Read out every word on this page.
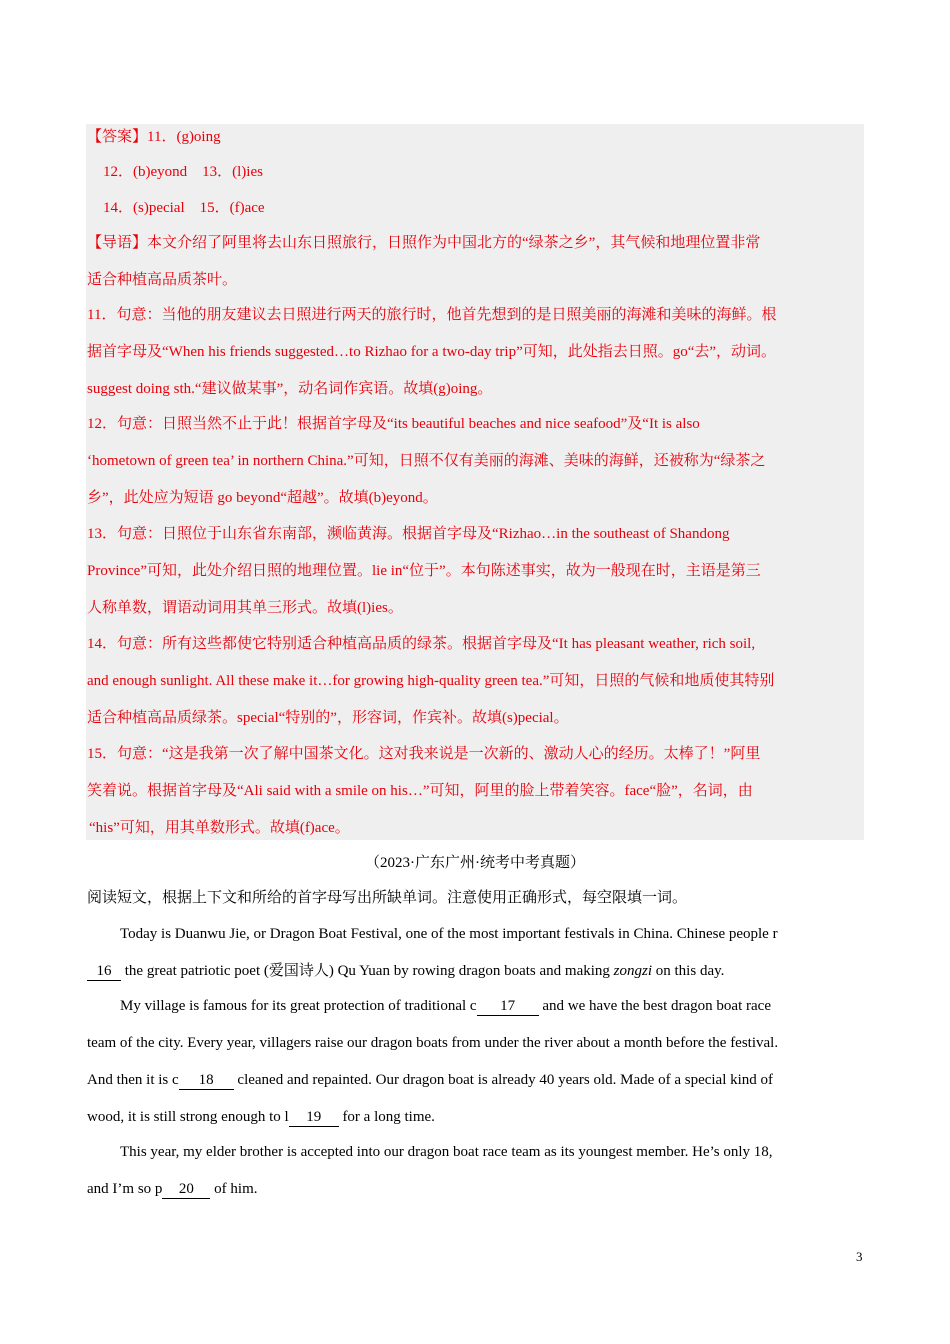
【答案】11．(g)oing
12．(b)eyond　13．(l)ies
14．(s)pecial　15．(f)ace
【导语】本文介绍了阿里将去山东日照旅行，日照作为中国北方的“绿茶之乡”，其气候和地理位置非常
适合种植高品质茶叶。
11．句意：当他的朋友建议去日照进行两天的旅行时，他首先想到的是日照美丽的海滩和美味的海鲜。根
据首字母及“When his friends suggested…to Rizhao for a two-day trip”可知，此处指去日照。go“去”，动词。
suggest doing sth.“建议做某事”，动名词作宾语。故填(g)oing。
12．句意：日照当然不止于此！根据首字母及“its beautiful beaches and nice seafood”及“It is also
‘hometown of green tea’ in northern China.”可知，日照不仅有美丽的海滩、美味的海鲜，还被称为“绿茶之
乡”，此处应为短语 go beyond“超越”。故填(b)eyond。
13．句意：日照位于山东省东南部，濒临黄海。根据首字母及“Rizhao…in the southeast of Shandong
Province”可知，此处介绍日照的地理位置。lie in“位于”。本句陈述事实，故为一般现在时，主语是第三
人称单数，谓语动词用其单三形式。故填(l)ies。
14．句意：所有这些都使它特别适合种植高品质的绿茶。根据首字母及“It has pleasant weather, rich soil,
and enough sunlight. All these make it…for growing high-quality green tea.”可知，日照的气候和地质使其特别
适合种植高品质绿茶。special“特别的”，形容词，作宾补。故填(s)pecial。
15．句意：“这是我第一次了解中国茶文化。这对我来说是一次新的、激动人心的经历。太棒了！”阿里
笑着说。根据首字母及“Ali said with a smile on his…”可知，阿里的脸上带着笑容。face“脸”，名词，由
“his”可知，用其单数形式。故填(f)ace。
（2023·广东广州·统考中考真题）
阅读短文，根据上下文和所给的首字母写出所缺单词。注意使用正确形式，每空限填一词。
Today is Duanwu Jie, or Dragon Boat Festival, one of the most important festivals in China. Chinese people r
16 the great patriotic poet (爱国诗人) Qu Yuan by rowing dragon boats and making zongzi on this day.
My village is famous for its great protection of traditional c 17 and we have the best dragon boat race
team of the city. Every year, villagers raise our dragon boats from under the river about a month before the festival.
And then it is c 18 cleaned and repainted. Our dragon boat is already 40 years old. Made of a special kind of
wood, it is still strong enough to l 19 for a long time.
This year, my elder brother is accepted into our dragon boat race team as its youngest member. He’s only 18,
and I’m so p 20 of him.
3
